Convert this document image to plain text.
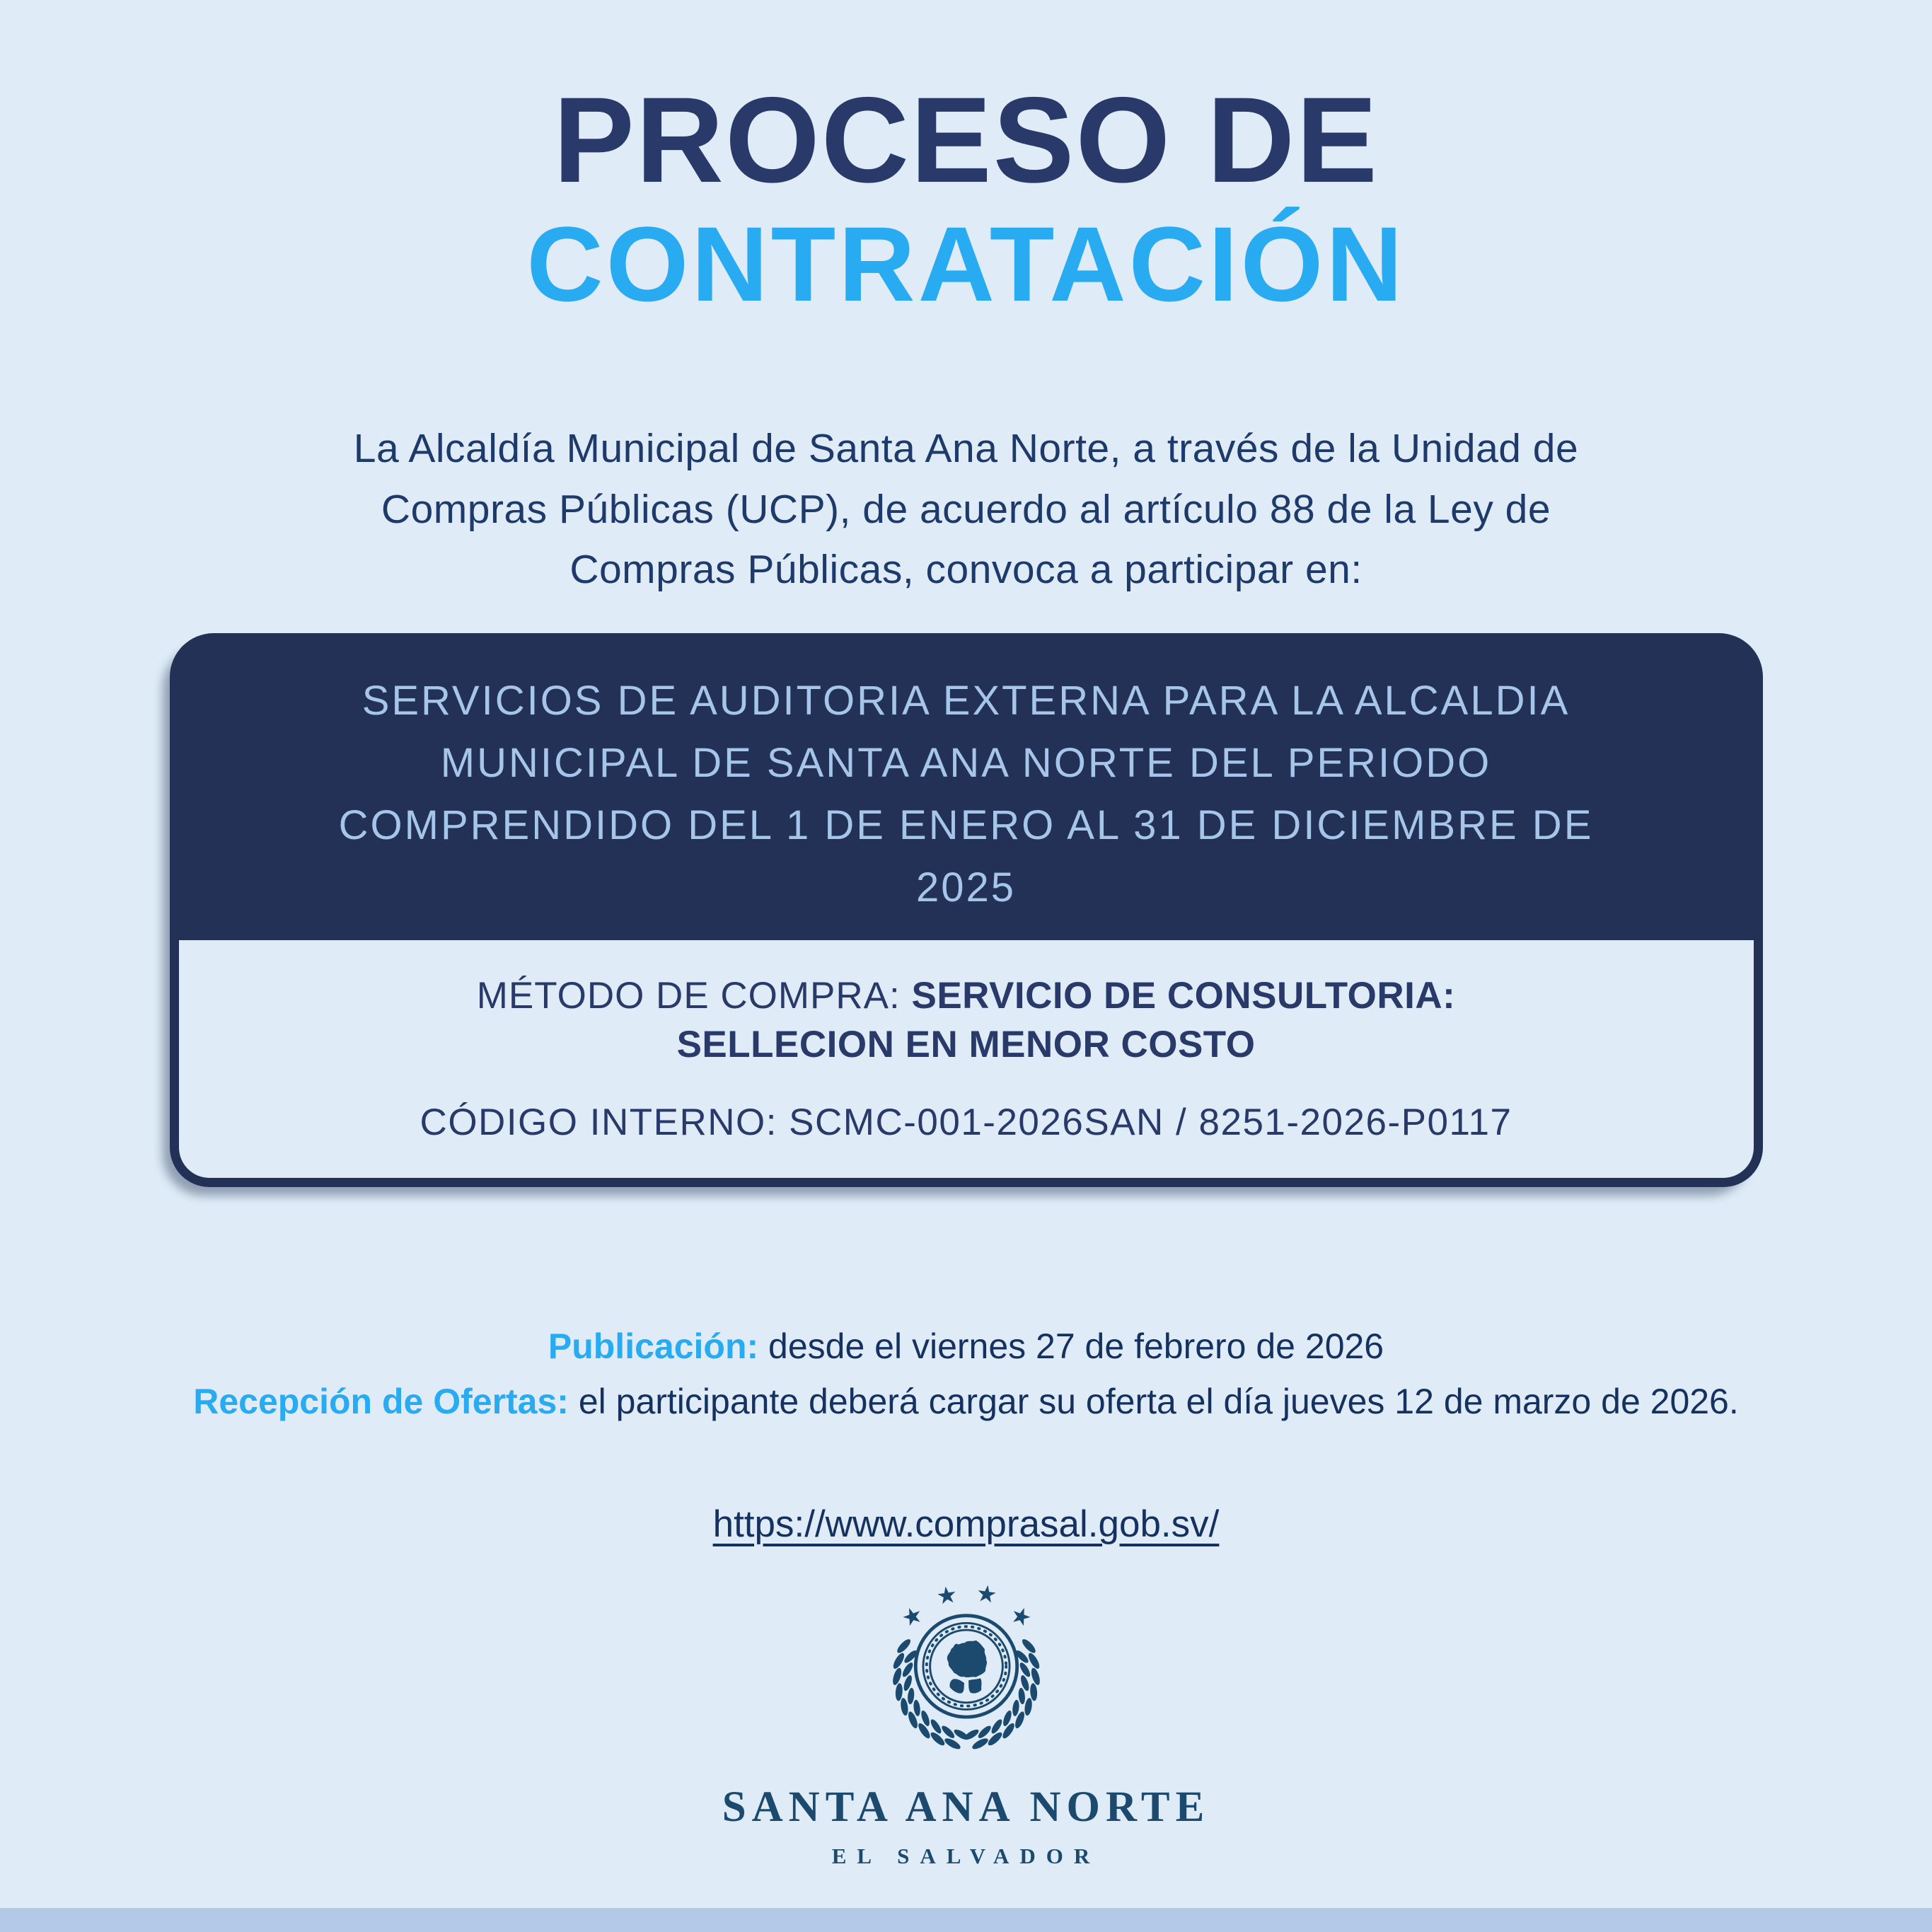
PROCESO DE
CONTRATACIÓN
La Alcaldía Municipal de Santa Ana Norte, a través de la Unidad de
Compras Públicas (UCP), de acuerdo al artículo 88 de la Ley de
Compras Públicas, convoca a participar en:
SERVICIOS DE AUDITORIA EXTERNA PARA LA ALCALDIA
MUNICIPAL DE SANTA ANA NORTE DEL PERIODO
COMPRENDIDO DEL 1 DE ENERO AL 31 DE DICIEMBRE DE
2025
MÉTODO DE COMPRA: SERVICIO DE CONSULTORIA:
SELLECION EN MENOR COSTO
CÓDIGO INTERNO: SCMC-001-2026SAN / 8251-2026-P0117
Publicación: desde el viernes 27 de febrero de 2026
Recepción de Ofertas: el participante deberá cargar su oferta el día jueves 12 de marzo de 2026.
https://www.comprasal.gob.sv/
★ ★
★	★
SANTA ANA NORTE
EL SALVADOR
